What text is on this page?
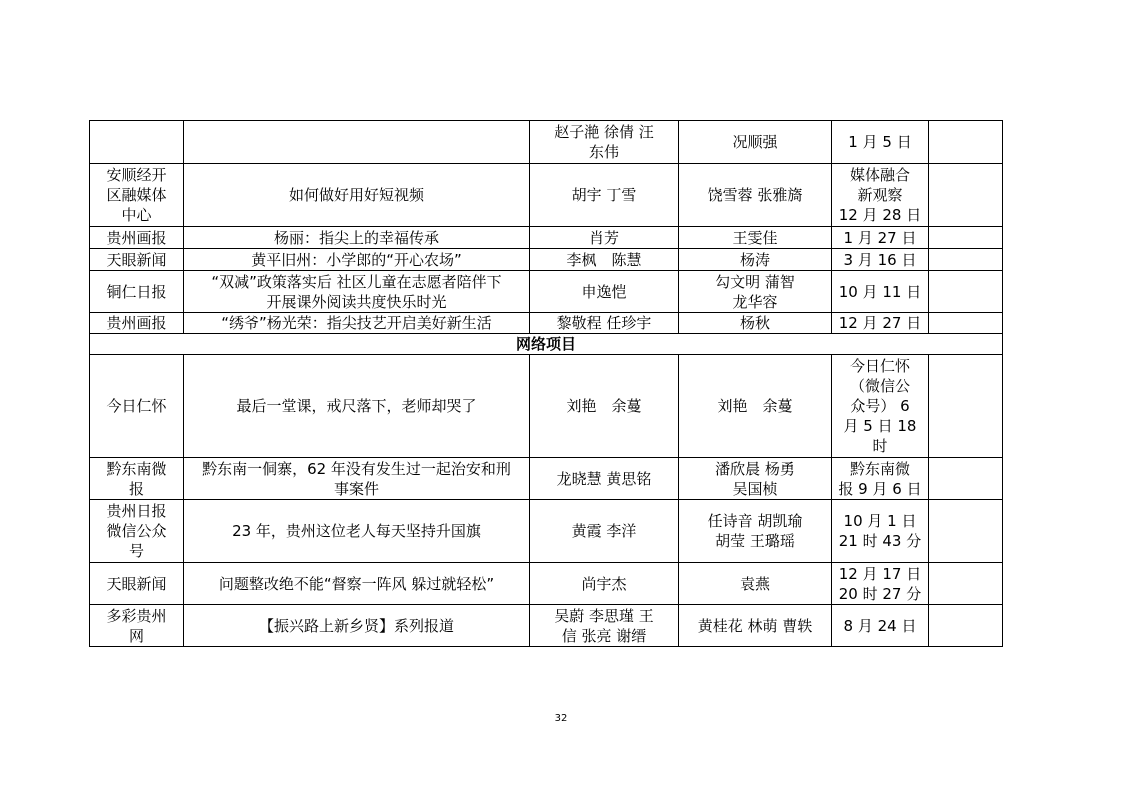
		赵子滟 徐倩 汪
东伟	况顺强	1 月 5 日	

安顺经开
区融媒体
中心	如何做好用好短视频	胡宇 丁雪	饶雪蓉 张雅旖	媒体融合
新观察
12 月 28 日	

贵州画报	杨丽：指尖上的幸福传承	肖芳	王雯佳	1 月 27 日	

天眼新闻	黄平旧州：小学郎的“开心农场”	李枫　陈慧	杨涛	3 月 16 日	

铜仁日报	“双减”政策落实后 社区儿童在志愿者陪伴下
开展课外阅读共度快乐时光	申逸恺	勾文明 蒲智
龙华容	10 月 11 日	

贵州画报	“绣爷”杨光荣：指尖技艺开启美好新生活	黎敬程 任珍宇	杨秋	12 月 27 日	

网络项目					

今日仁怀	最后一堂课，戒尺落下，老师却哭了	刘艳　余蔓	刘艳　余蔓	今日仁怀
（微信公
众号） 6
月 5 日 18
时	

黔东南微
报	黔东南一侗寨，62 年没有发生过一起治安和刑
事案件	龙晓慧 黄思铭	潘欣晨 杨勇
吴国桢	黔东南微
报 9 月 6 日	

贵州日报
微信公众
号	23 年，贵州这位老人每天坚持升国旗	黄霞 李洋	任诗音 胡凯瑜
胡莹 王璐瑶	10 月 1 日
21 时 43 分	

天眼新闻	问题整改绝不能“督察一阵风 躲过就轻松”	尚宇杰	袁燕	12 月 17 日
20 时 27 分	

多彩贵州
网	【振兴路上新乡贤】系列报道	吴蔚 李思瑾 王
信 张亮 谢缙	黄桂花 林萌 曹轶	8 月 24 日	

32
